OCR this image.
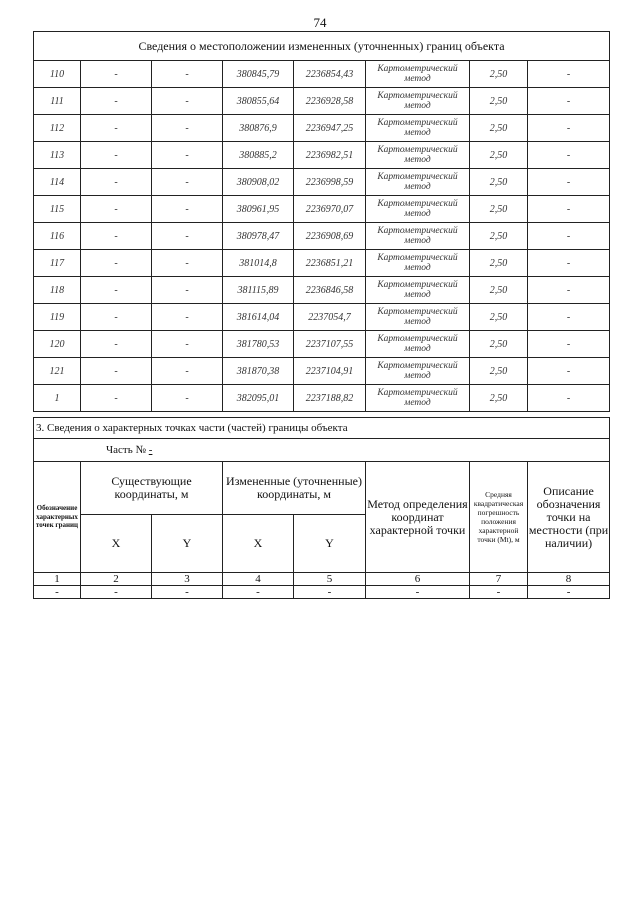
74
Сведения о местоположении измененных (уточненных) границ объекта							
110	-	-	380845,79	2236854,43	Картометрический метод	2,50	-
111	-	-	380855,64	2236928,58	Картометрический метод	2,50	-
112	-	-	380876,9	2236947,25	Картометрический метод	2,50	-
113	-	-	380885,2	2236982,51	Картометрический метод	2,50	-
114	-	-	380908,02	2236998,59	Картометрический метод	2,50	-
115	-	-	380961,95	2236970,07	Картометрический метод	2,50	-
116	-	-	380978,47	2236908,69	Картометрический метод	2,50	-
117	-	-	381014,8	2236851,21	Картометрический метод	2,50	-
118	-	-	381115,89	2236846,58	Картометрический метод	2,50	-
119	-	-	381614,04	2237054,7	Картометрический метод	2,50	-
120	-	-	381780,53	2237107,55	Картометрический метод	2,50	-
121	-	-	381870,38	2237104,91	Картометрический метод	2,50	-
1	-	-	382095,01	2237188,82	Картометрический метод	2,50	-
3. Сведения о характерных точках части (частей) границы объекта							
Часть № -							
Обозначение характерных точек границ	Существующие координаты, м		Измененные (уточненные) координаты, м		Метод определения координат характерной точки	Средняя квадратическая погрешность положения характерной точки (Mt), м	Описание обозначения точки на местности (при наличии)
	X	Y	X	Y			
1	2	3	4	5	6	7	8
-	-	-	-	-	-	-	-
